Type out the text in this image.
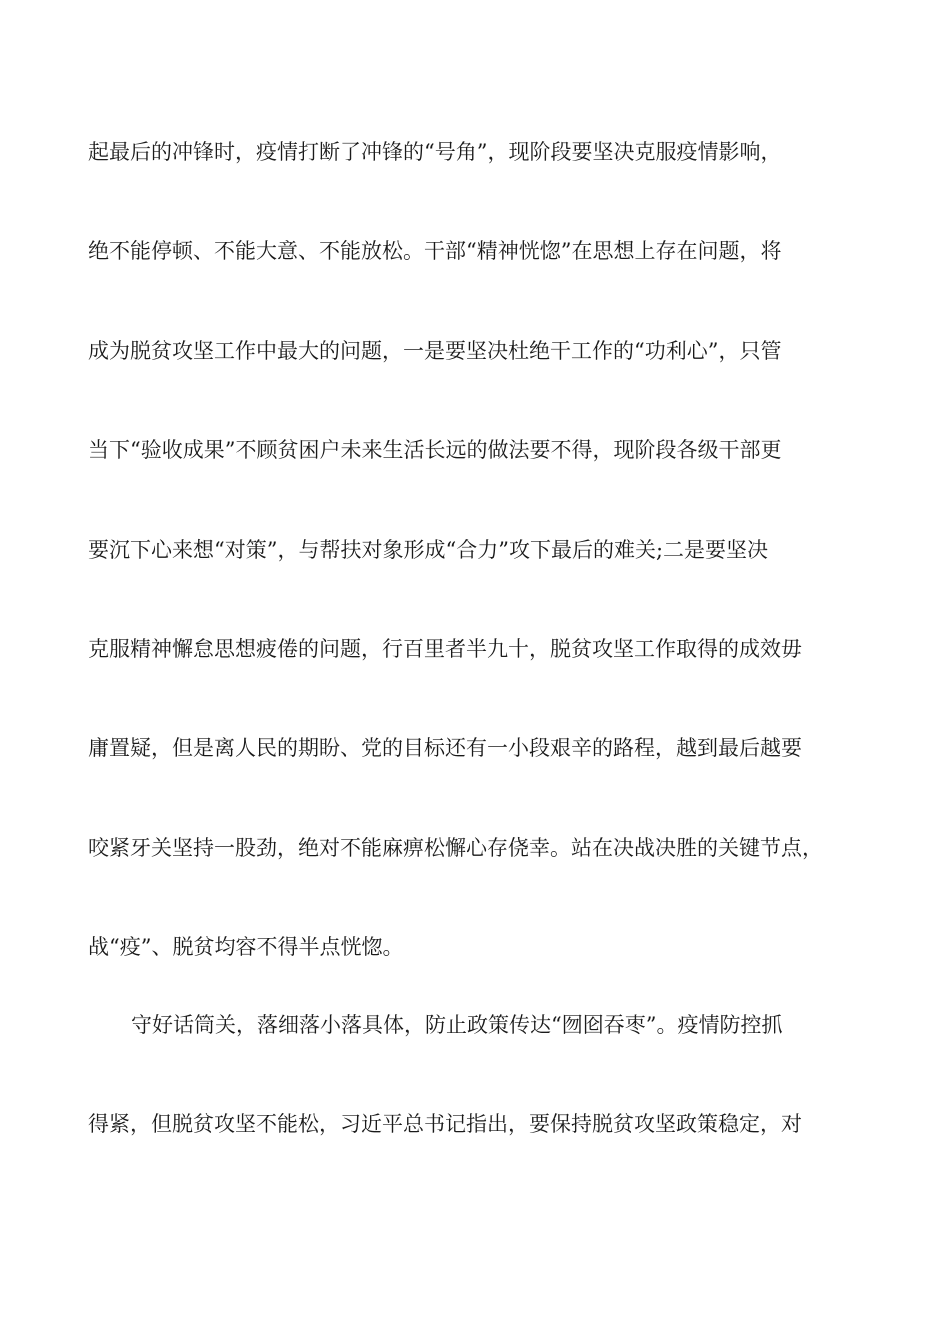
起最后的冲锋时，疫情打断了冲锋的“号角”，现阶段要坚决克服疫情影响，
绝不能停顿、不能大意、不能放松。干部“精神恍惚”在思想上存在问题，将
成为脱贫攻坚工作中最大的问题，一是要坚决杜绝干工作的“功利心”，只管
当下“验收成果”不顾贫困户未来生活长远的做法要不得，现阶段各级干部更
要沉下心来想“对策”，与帮扶对象形成“合力”攻下最后的难关;二是要坚决
克服精神懈怠思想疲倦的问题，行百里者半九十，脱贫攻坚工作取得的成效毋
庸置疑，但是离人民的期盼、党的目标还有一小段艰辛的路程，越到最后越要
咬紧牙关坚持一股劲，绝对不能麻痹松懈心存侥幸。站在决战决胜的关键节点，
战“疫”、脱贫均容不得半点恍惚。
守好话筒关，落细落小落具体，防止政策传达“囫囵吞枣”。疫情防控抓
得紧，但脱贫攻坚不能松，习近平总书记指出，要保持脱贫攻坚政策稳定，对
